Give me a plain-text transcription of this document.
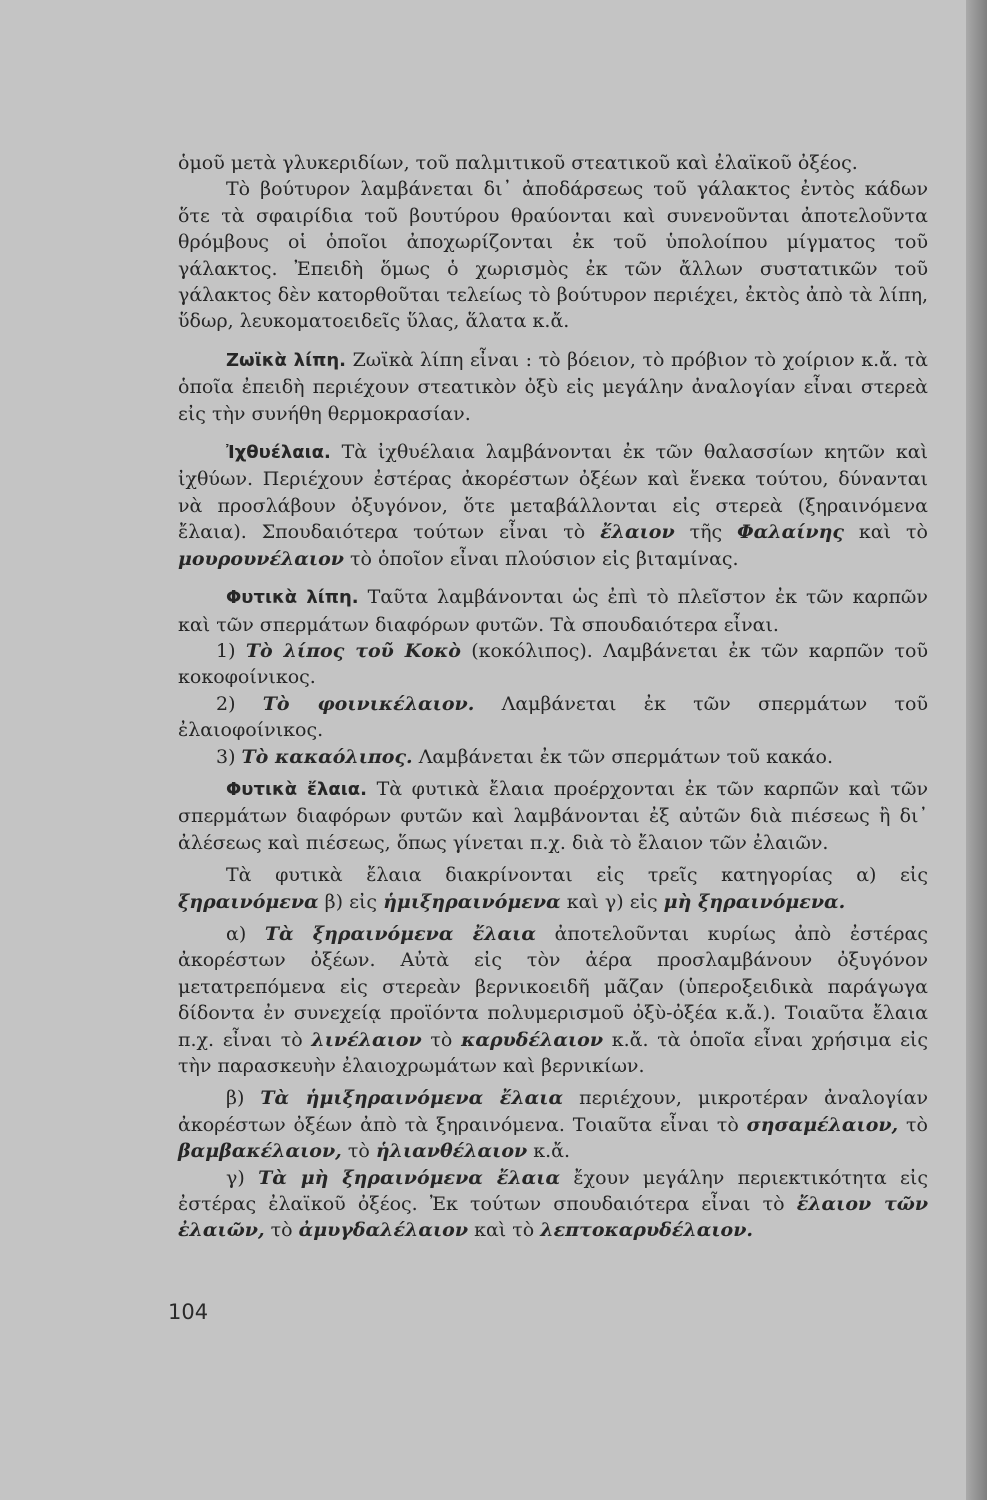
ὁμοῦ μετὰ γλυκεριδίων, τοῦ παλμιτικοῦ στεατικοῦ καὶ ἐλαϊκοῦ ὀξέος.

Τὸ βούτυρον λαμβάνεται δι᾿ ἀποδάρσεως τοῦ γάλακτος ἐντὸς κάδων ὅτε τὰ σφαιρίδια τοῦ βουτύρου θραύονται καὶ συνενοῦνται ἀποτελοῦντα θρόμβους οἱ ὁποῖοι ἀποχωρίζονται ἐκ τοῦ ὑπολοίπου μίγματος τοῦ γάλακτος. Ἐπειδὴ ὅμως ὁ χωρισμὸς ἐκ τῶν ἄλλων συστατικῶν τοῦ γάλακτος δὲν κατορθοῦται τελείως τὸ βούτυρον περιέχει, ἐκτὸς ἀπὸ τὰ λίπη, ὕδωρ, λευκοματοειδεῖς ὕλας, ἅλατα κ.ἄ.

Ζωϊκὰ λίπη. Ζωϊκὰ λίπη εἶναι : τὸ βόειον, τὸ πρόβιον τὸ χοίριον κ.ἄ. τὰ ὁποῖα ἐπειδὴ περιέχουν στεατικὸν ὀξὺ εἰς μεγάλην ἀναλογίαν εἶναι στερεὰ εἰς τὴν συνήθη θερμοκρασίαν.

Ἰχθυέλαια. Τὰ ἰχθυέλαια λαμβάνονται ἐκ τῶν θαλασσίων κητῶν καὶ ἰχθύων. Περιέχουν ἐστέρας ἀκορέστων ὀξέων καὶ ἕνεκα τούτου, δύνανται νὰ προσλάβουν ὀξυγόνον, ὅτε μεταβάλλονται εἰς στερεὰ (ξηραινόμενα ἔλαια). Σπουδαιότερα τούτων εἶναι τὸ ἔλαιον τῆς Φαλαίνης καὶ τὸ μουρουνέλαιον τὸ ὁποῖον εἶναι πλούσιον εἰς βιταμίνας.

Φυτικὰ λίπη. Ταῦτα λαμβάνονται ὡς ἐπὶ τὸ πλεῖστον ἐκ τῶν καρπῶν καὶ τῶν σπερμάτων διαφόρων φυτῶν. Τὰ σπουδαιότερα εἶναι.

1) Τὸ λίπος τοῦ Κοκὸ (κοκόλιπος). Λαμβάνεται ἐκ τῶν καρπῶν τοῦ κοκοφοίνικος.

2) Τὸ φοινικέλαιον. Λαμβάνεται ἐκ τῶν σπερμάτων τοῦ ἐλαιοφοίνικος.

3) Τὸ κακαόλιπος. Λαμβάνεται ἐκ τῶν σπερμάτων τοῦ κακάο.

Φυτικὰ ἔλαια. Τὰ φυτικὰ ἔλαια προέρχονται ἐκ τῶν καρπῶν καὶ τῶν σπερμάτων διαφόρων φυτῶν καὶ λαμβάνονται ἐξ αὐτῶν διὰ πιέσεως ἢ δι᾿ ἀλέσεως καὶ πιέσεως, ὅπως γίνεται π.χ. διὰ τὸ ἔλαιον τῶν ἐλαιῶν.

Τὰ φυτικὰ ἔλαια διακρίνονται εἰς τρεῖς κατηγορίας α) εἰς ξηραινόμενα β) εἰς ἡμιξηραινόμενα καὶ γ) εἰς μὴ ξηραινόμενα.

α) Τὰ ξηραινόμενα ἔλαια ἀποτελοῦνται κυρίως ἀπὸ ἐστέρας ἀκορέστων ὀξέων. Αὐτὰ εἰς τὸν ἀέρα προσλαμβάνουν ὀξυγόνον μετατρεπόμενα εἰς στερεὰν βερνικοειδῆ μᾶζαν (ὑπεροξειδικὰ παράγωγα δίδοντα ἐν συνεχείᾳ προϊόντα πολυμερισμοῦ ὀξὺ-ὀξέα κ.ἄ.). Τοιαῦτα ἔλαια π.χ. εἶναι τὸ λινέλαιον τὸ καρυδέλαιον κ.ἄ. τὰ ὁποῖα εἶναι χρήσιμα εἰς τὴν παρασκευὴν ἐλαιοχρωμάτων καὶ βερνικίων.

β) Τὰ ἡμιξηραινόμενα ἔλαια περιέχουν, μικροτέραν ἀναλογίαν ἀκορέστων ὀξέων ἀπὸ τὰ ξηραινόμενα. Τοιαῦτα εἶναι τὸ σησαμέλαιον, τὸ βαμβακέλαιον, τὸ ἡλιανθέλαιον κ.ἄ.

γ) Τὰ μὴ ξηραινόμενα ἔλαια ἔχουν μεγάλην περιεκτικότητα εἰς ἐστέρας ἐλαϊκοῦ ὀξέος. Ἐκ τούτων σπουδαιότερα εἶναι τὸ ἔλαιον τῶν ἐλαιῶν, τὸ ἀμυγδαλέλαιον καὶ τὸ λεπτοκαρυδέλαιον.

104
